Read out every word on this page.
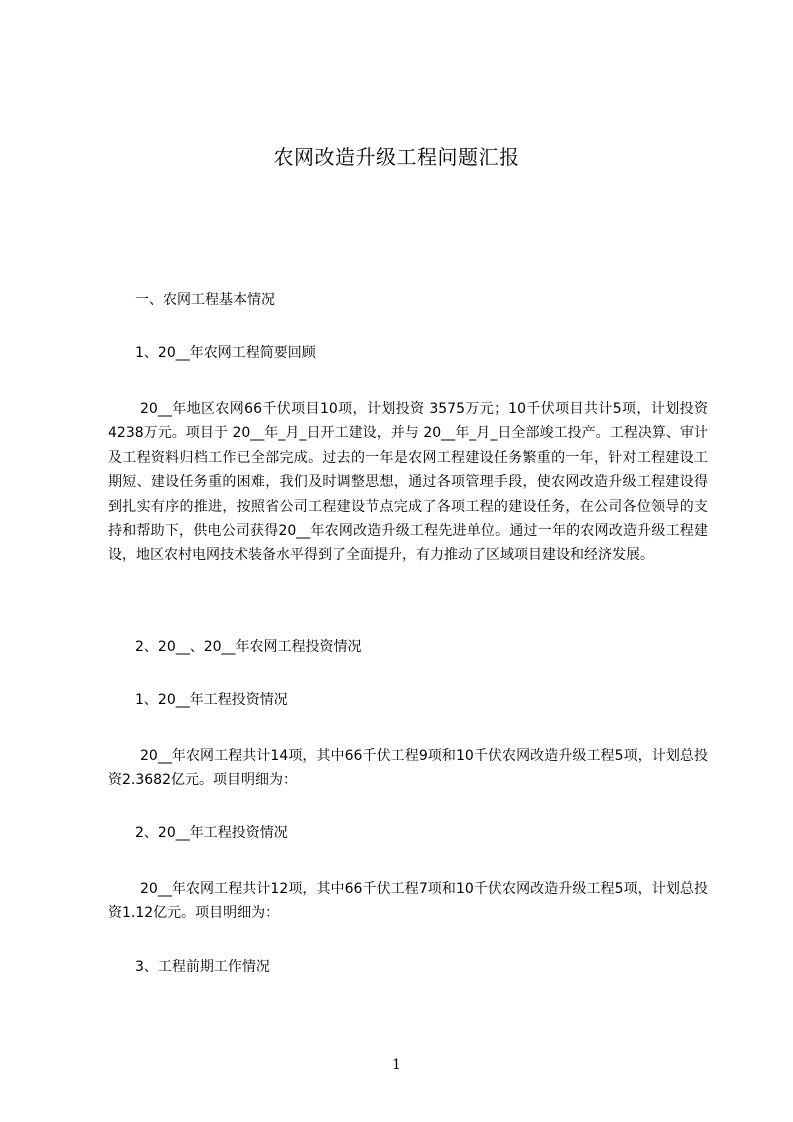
农网改造升级工程问题汇报
一、农网工程基本情况
1、20__年农网工程简要回顾

20__年地区农网66千伏项目10项，计划投资 3575万元；10千伏项目共计5项，计划投资4238万元。项目于 20__年_月_日开工建设，并与 20__年_月_日全部竣工投产。工程决算、审计及工程资料归档工作已全部完成。过去的一年是农网工程建设任务繁重的一年，针对工程建设工期短、建设任务重的困难，我们及时调整思想，通过各项管理手段，使农网改造升级工程建设得到扎实有序的推进，按照省公司工程建设节点完成了各项工程的建设任务，在公司各位领导的支持和帮助下，供电公司获得20__年农网改造升级工程先进单位。通过一年的农网改造升级工程建设，地区农村电网技术装备水平得到了全面提升，有力推动了区域项目建设和经济发展。

2、20__、20__年农网工程投资情况
1、20__年工程投资情况

20__年农网工程共计14项，其中66千伏工程9项和10千伏农网改造升级工程5项，计划总投资2.3682亿元。项目明细为：

2、20__年工程投资情况

20__年农网工程共计12项，其中66千伏工程7项和10千伏农网改造升级工程5项，计划总投资1.12亿元。项目明细为：

3、工程前期工作情况
1
